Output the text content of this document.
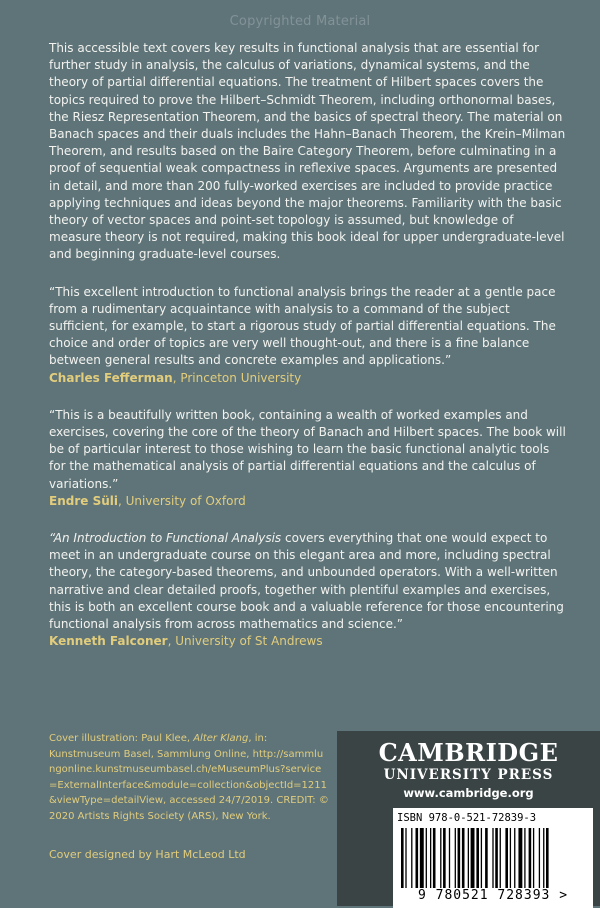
Copyrighted Material

This accessible text covers key results in functional analysis that are essential for further study in analysis, the calculus of variations, dynamical systems, and the theory of partial differential equations. The treatment of Hilbert spaces covers the topics required to prove the Hilbert–Schmidt Theorem, including orthonormal bases, the Riesz Representation Theorem, and the basics of spectral theory. The material on Banach spaces and their duals includes the Hahn–Banach Theorem, the Krein–Milman Theorem, and results based on the Baire Category Theorem, before culminating in a proof of sequential weak compactness in reflexive spaces. Arguments are presented in detail, and more than 200 fully-worked exercises are included to provide practice applying techniques and ideas beyond the major theorems. Familiarity with the basic theory of vector spaces and point-set topology is assumed, but knowledge of measure theory is not required, making this book ideal for upper undergraduate-level and beginning graduate-level courses.

“This excellent introduction to functional analysis brings the reader at a gentle pace from a rudimentary acquaintance with analysis to a command of the subject sufficient, for example, to start a rigorous study of partial differential equations. The choice and order of topics are very well thought-out, and there is a fine balance between general results and concrete examples and applications.”

Charles Fefferman, Princeton University

“This is a beautifully written book, containing a wealth of worked examples and exercises, covering the core of the theory of Banach and Hilbert spaces. The book will be of particular interest to those wishing to learn the basic functional analytic tools for the mathematical analysis of partial differential equations and the calculus of variations.”

Endre Süli, University of Oxford

“An Introduction to Functional Analysis covers everything that one would expect to meet in an undergraduate course on this elegant area and more, including spectral theory, the category-based theorems, and unbounded operators. With a well-written narrative and clear detailed proofs, together with plentiful examples and exercises, this is both an excellent course book and a valuable reference for those encountering functional analysis from across mathematics and science.”

Kenneth Falconer, University of St Andrews

Cover illustration: Paul Klee, Alter Klang, in:

Kunstmuseum Basel, Sammlung Online, http://sammlungonline.kunstmuseumbasel.ch/eMuseumPlus?service=ExternalInterface&module=collection&objectId=1211&viewType=detailView, accessed 24/7/2019. CREDIT: © 2020 Artists Rights Society (ARS), New York.

Cover designed by Hart McLeod Ltd
CAMBRIDGE
UNIVERSITY PRESS
www.cambridge.org
ISBN 978-0-521-72839-3
9 780521 728393 >
